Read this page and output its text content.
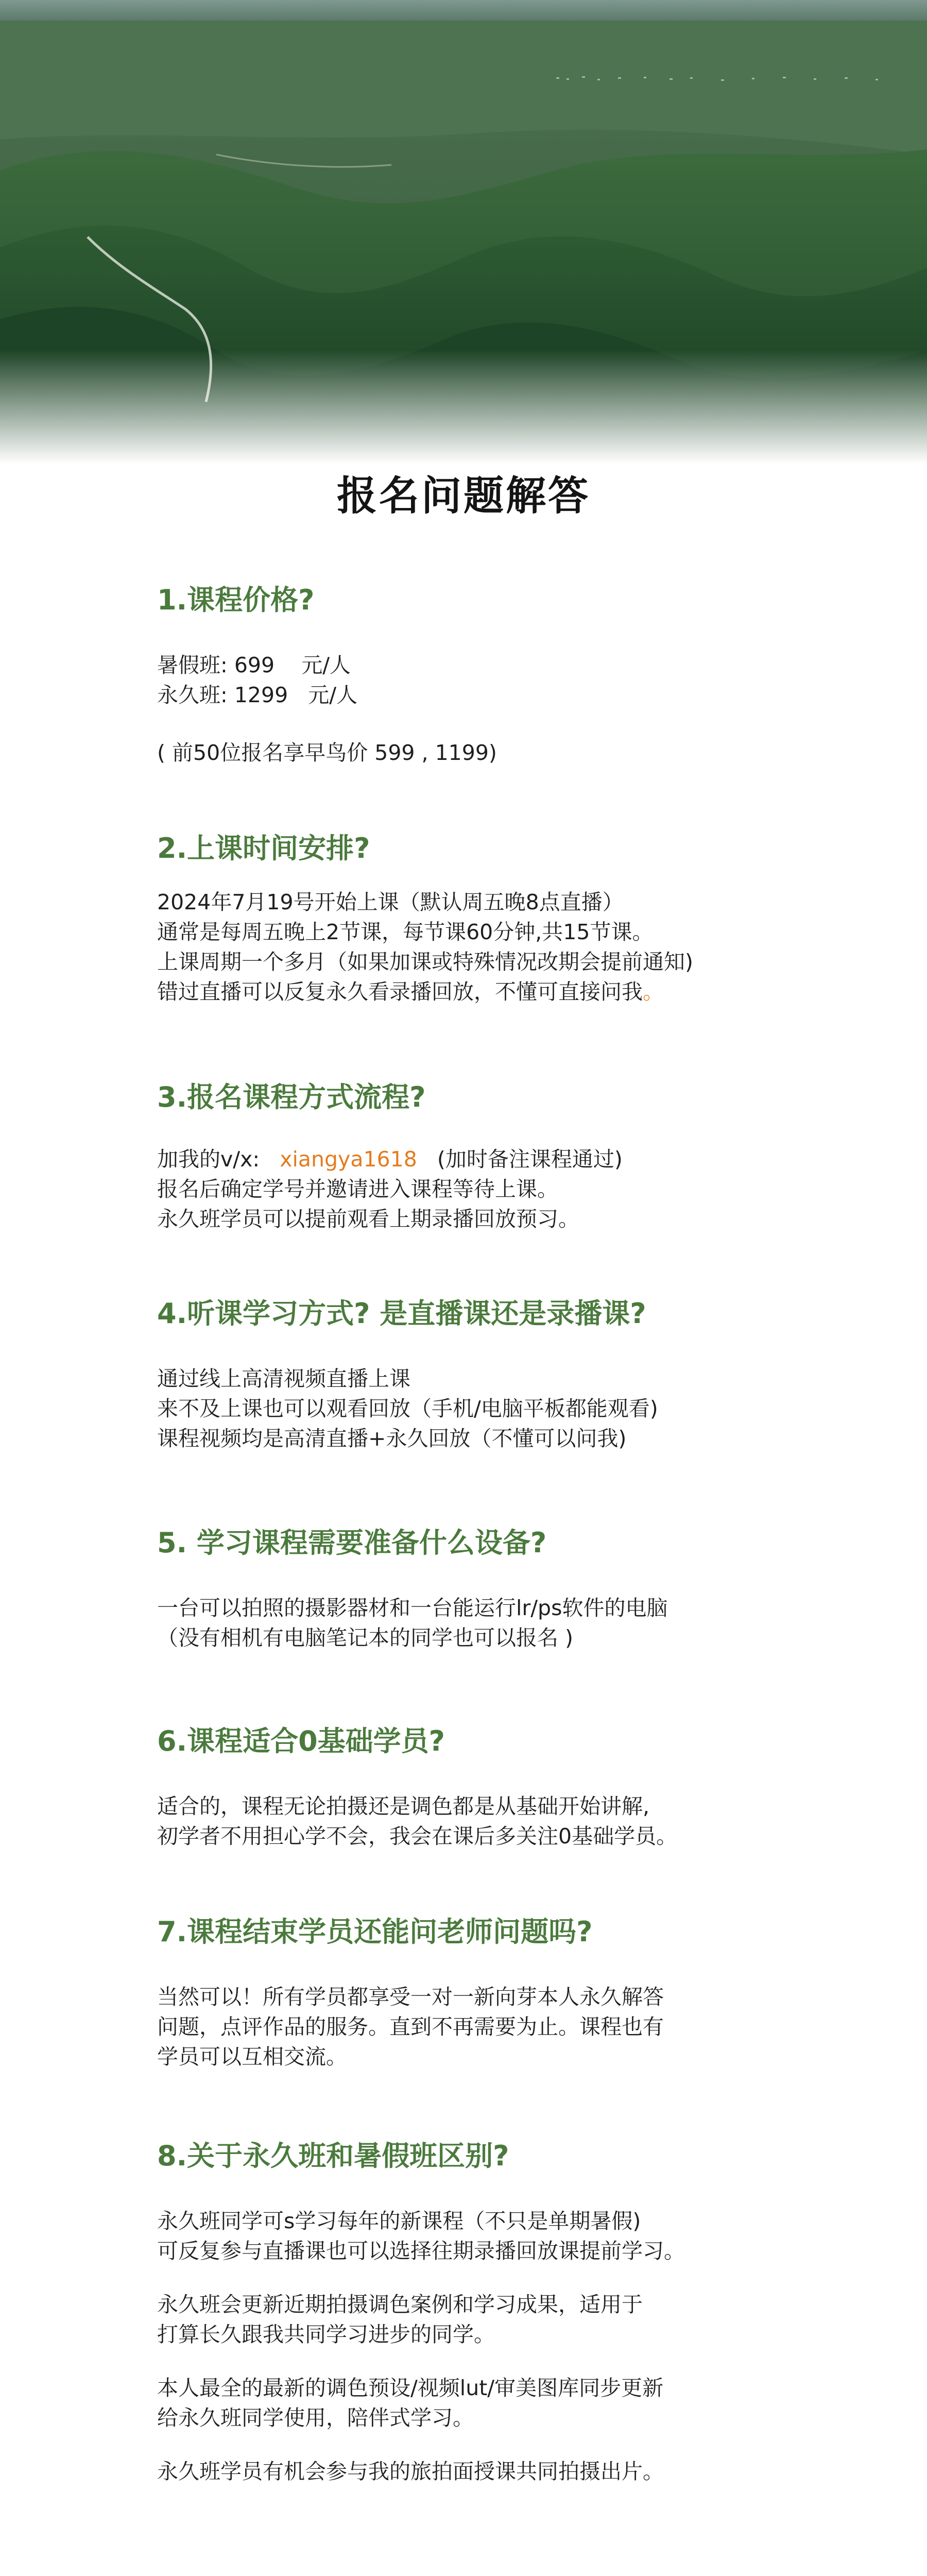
报名问题解答
1.课程价格?

暑假班: 699    元/人

永久班: 1299   元/人

( 前50位报名享早鸟价 599 , 1199)

2.上课时间安排?

2024年7月19号开始上课（默认周五晚8点直播）

通常是每周五晚上2节课，每节课60分钟,共15节课。

上课周期一个多月（如果加课或特殊情况改期会提前通知)

错过直播可以反复永久看录播回放，不懂可直接问我。

3.报名课程方式流程?

加我的v/x:   xiangya1618   (加时备注课程通过)

报名后确定学号并邀请进入课程等待上课。

永久班学员可以提前观看上期录播回放预习。

4.听课学习方式? 是直播课还是录播课?

通过线上高清视频直播上课

来不及上课也可以观看回放（手机/电脑平板都能观看)

课程视频均是高清直播+永久回放（不懂可以问我)

5. 学习课程需要准备什么设备?

一台可以拍照的摄影器材和一台能运行lr/ps软件的电脑

（没有相机有电脑笔记本的同学也可以报名 )

6.课程适合0基础学员?

适合的，课程无论拍摄还是调色都是从基础开始讲解,

初学者不用担心学不会，我会在课后多关注0基础学员。

7.课程结束学员还能问老师问题吗?

当然可以！所有学员都享受一对一新向芽本人永久解答

问题，点评作品的服务。直到不再需要为止。课程也有

学员可以互相交流。

8.关于永久班和暑假班区别?

永久班同学可s学习每年的新课程（不只是单期暑假)

可反复参与直播课也可以选择往期录播回放课提前学习。

永久班会更新近期拍摄调色案例和学习成果，适用于

打算长久跟我共同学习进步的同学。

本人最全的最新的调色预设/视频lut/审美图库同步更新

给永久班同学使用，陪伴式学习。

永久班学员有机会参与我的旅拍面授课共同拍摄出片。
